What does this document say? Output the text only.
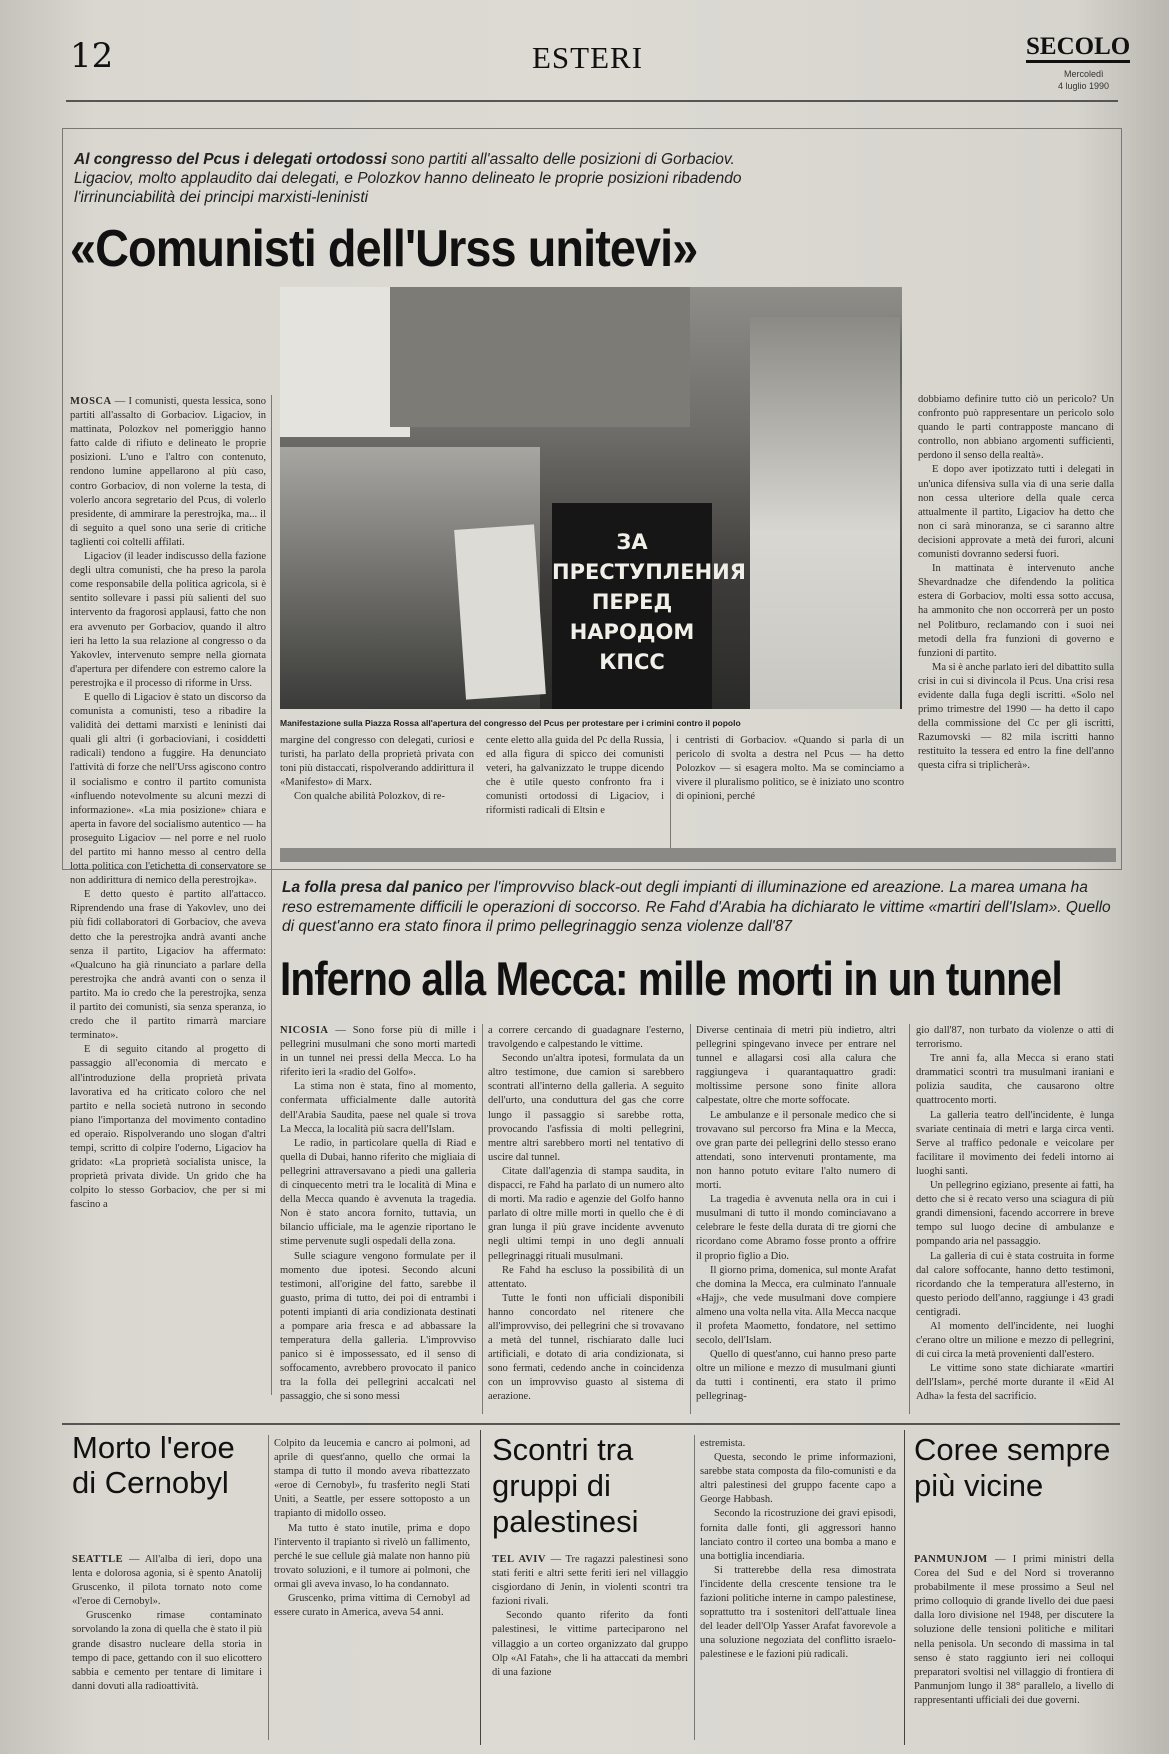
12	ESTERI	SECOLO
Mercoledì
4 luglio 1990
Al congresso del Pcus i delegati ortodossi sono partiti all'assalto delle posizioni di Gorbaciov. Ligaciov, molto applaudito dai delegati, e Polozkov hanno delineato le proprie posizioni ribadendo l'irrinunciabilità dei principi marxisti-leninisti
«Comunisti dell'Urss unitevi»
ЗА ПРЕСТУПЛЕНИЯ ПЕРЕД НАРОДОМ КПСС
Manifestazione sulla Piazza Rossa all'apertura del congresso del Pcus per protestare per i crimini contro il popolo

MOSCA — I comunisti, questa lessica, sono partiti all'assalto di Gorbaciov. Ligaciov, in mattinata, Polozkov nel pomeriggio hanno fatto calde di rifiuto e delineato le proprie posizioni. L'uno e l'altro con contenuto, rendono lumine appellarono al più caso, contro Gorbaciov, di non volerne la testa, di volerlo ancora segretario del Pcus, di volerlo presidente, di ammirare la perestrojka, ma... il di seguito a quel sono una serie di critiche taglienti coi coltelli affilati.

Ligaciov (il leader indiscusso della fazione degli ultra comunisti, che ha preso la parola come responsabile della politica agricola, si è sentito sollevare i passi più salienti del suo intervento da fragorosi applausi, fatto che non era avvenuto per Gorbaciov, quando il altro ieri ha letto la sua relazione al congresso o da Yakovlev, intervenuto sempre nella giornata d'apertura per difendere con estremo calore la perestrojka e il processo di riforme in Urss.

E quello di Ligaciov è stato un discorso da comunista a comunisti, teso a ribadire la validità dei dettami marxisti e leninisti dai quali gli altri (i gorbacioviani, i cosiddetti radicali) tendono a fuggire. Ha denunciato l'attività di forze che nell'Urss agiscono contro il socialismo e contro il partito comunista «influendo notevolmente su alcuni mezzi di informazione». «La mia posizione» chiara e aperta in favore del socialismo autentico — ha proseguito Ligaciov — nel porre e nel ruolo del partito mi hanno messo al centro della lotta politica con l'etichetta di conservatore se non addirittura di nemico della perestrojka».

E detto questo è partito all'attacco. Riprendendo una frase di Yakovlev, uno dei più fidi collaboratori di Gorbaciov, che aveva detto che la perestrojka andrà avanti anche senza il partito, Ligaciov ha affermato: «Qualcuno ha già rinunciato a parlare della perestrojka che andrà avanti con o senza il partito. Ma io credo che la perestrojka, senza il partito dei comunisti, sia senza speranza, io credo che il partito rimarrà marciare terminato».

E di seguito citando al progetto di passaggio all'economia di mercato e all'introduzione della proprietà privata lavorativa ed ha criticato coloro che nel partito e nella società nutrono in secondo piano l'importanza del movimento contadino ed operaio. Rispolverando uno slogan d'altri tempi, scritto di colpire l'oderno, Ligaciov ha gridato: «La proprietà socialista unisce, la proprietà privata divide. Un grido che ha colpito lo stesso Gorbaciov, che per si mi fascino a

margine del congresso con delegati, curiosi e turisti, ha parlato della proprietà privata con toni più distaccati, rispolverando addirittura il «Manifesto» di Marx.

Con qualche abilità Polozkov, di re-

cente eletto alla guida del Pc della Russia, ed alla figura di spicco dei comunisti veteri, ha galvanizzato le truppe dicendo che è utile questo confronto fra i comunisti ortodossi di Ligaciov, i riformisti radicali di Eltsin e

i centristi di Gorbaciov. «Quando si parla di un pericolo di svolta a destra nel Pcus — ha detto Polozkov — si esagera molto. Ma se cominciamo a vivere il pluralismo politico, se è iniziato uno scontro di opinioni, perché

dobbiamo definire tutto ciò un pericolo? Un confronto può rappresentare un pericolo solo quando le parti contrapposte mancano di controllo, non abbiano argomenti sufficienti, perdono il senso della realtà».

E dopo aver ipotizzato tutti i delegati in un'unica difensiva sulla via di una serie dalla non cessa ulteriore della quale cerca attualmente il partito, Ligaciov ha detto che non ci sarà minoranza, se ci saranno altre decisioni approvate a metà dei furori, alcuni comunisti dovranno sedersi fuori.

In mattinata è intervenuto anche Shevardnadze che difendendo la politica estera di Gorbaciov, molti essa sotto accusa, ha ammonito che non occorrerà per un posto nel Politburo, reclamando con i suoi nei metodi della fra funzioni di governo e funzioni di partito.

Ma si è anche parlato ieri del dibattito sulla crisi in cui si divincola il Pcus. Una crisi resa evidente dalla fuga degli iscritti. «Solo nel primo trimestre del 1990 — ha detto il capo della commissione del Cc per gli iscritti, Razumovski — 82 mila iscritti hanno restituito la tessera ed entro la fine dell'anno questa cifra si triplicherà».

La folla presa dal panico per l'improvviso black-out degli impianti di illuminazione ed areazione. La marea umana ha reso estremamente difficili le operazioni di soccorso. Re Fahd d'Arabia ha dichiarato le vittime «martiri dell'Islam». Quello di quest'anno era stato finora il primo pellegrinaggio senza violenze dall'87
Inferno alla Mecca: mille morti in un tunnel

NICOSIA — Sono forse più di mille i pellegrini musulmani che sono morti martedì in un tunnel nei pressi della Mecca. Lo ha riferito ieri la «radio del Golfo».

La stima non è stata, fino al momento, confermata ufficialmente dalle autorità dell'Arabia Saudita, paese nel quale si trova La Mecca, la località più sacra dell'Islam.

Le radio, in particolare quella di Riad e quella di Dubai, hanno riferito che migliaia di pellegrini attraversavano a piedi una galleria di cinquecento metri tra le località di Mina e della Mecca quando è avvenuta la tragedia. Non è stato ancora fornito, tuttavia, un bilancio ufficiale, ma le agenzie riportano le stime pervenute sugli ospedali della zona.

Sulle sciagure vengono formulate per il momento due ipotesi. Secondo alcuni testimoni, all'origine del fatto, sarebbe il guasto, prima di tutto, dei poi di entrambi i potenti impianti di aria condizionata destinati a pompare aria fresca e ad abbassare la temperatura della galleria. L'improvviso panico si è impossessato, ed il senso di soffocamento, avrebbero provocato il panico tra la folla dei pellegrini accalcati nel passaggio, che si sono messi

a correre cercando di guadagnare l'esterno, travolgendo e calpestando le vittime.

Secondo un'altra ipotesi, formulata da un altro testimone, due camion si sarebbero scontrati all'interno della galleria. A seguito dell'urto, una conduttura del gas che corre lungo il passaggio si sarebbe rotta, provocando l'asfissia di molti pellegrini, mentre altri sarebbero morti nel tentativo di uscire dal tunnel.

Citate dall'agenzia di stampa saudita, in dispacci, re Fahd ha parlato di un numero alto di morti. Ma radio e agenzie del Golfo hanno parlato di oltre mille morti in quello che è di gran lunga il più grave incidente avvenuto negli ultimi tempi in uno degli annuali pellegrinaggi rituali musulmani.

Re Fahd ha escluso la possibilità di un attentato.

Tutte le fonti non ufficiali disponibili hanno concordato nel ritenere che all'improvviso, dei pellegrini che si trovavano a metà del tunnel, rischiarato dalle luci artificiali, e dotato di aria condizionata, si sono fermati, cedendo anche in coincidenza con un improvviso guasto al sistema di aerazione.

Diverse centinaia di metri più indietro, altri pellegrini spingevano invece per entrare nel tunnel e allagarsi così alla calura che raggiungeva i quarantaquattro gradi: moltissime persone sono finite allora calpestate, oltre che morte soffocate.

Le ambulanze e il personale medico che si trovavano sul percorso fra Mina e la Mecca, ove gran parte dei pellegrini dello stesso erano attendati, sono intervenuti prontamente, ma non hanno potuto evitare l'alto numero di morti.

La tragedia è avvenuta nella ora in cui i musulmani di tutto il mondo cominciavano a celebrare le feste della durata di tre giorni che ricordano come Abramo fosse pronto a offrire il proprio figlio a Dio.

Il giorno prima, domenica, sul monte Arafat che domina la Mecca, era culminato l'annuale «Hajj», che vede musulmani dove compiere almeno una volta nella vita. Alla Mecca nacque il profeta Maometto, fondatore, nel settimo secolo, dell'Islam.

Quello di quest'anno, cui hanno preso parte oltre un milione e mezzo di musulmani giunti da tutti i continenti, era stato il primo pellegrinag-

gio dall'87, non turbato da violenze o atti di terrorismo.

Tre anni fa, alla Mecca si erano stati drammatici scontri tra musulmani iraniani e polizia saudita, che causarono oltre quattrocento morti.

La galleria teatro dell'incidente, è lunga svariate centinaia di metri e larga circa venti. Serve al traffico pedonale e veicolare per facilitare il movimento dei fedeli intorno ai luoghi santi.

Un pellegrino egiziano, presente ai fatti, ha detto che si è recato verso una sciagura di più grandi dimensioni, facendo accorrere in breve tempo sul luogo decine di ambulanze e pompando aria nel passaggio.

La galleria di cui è stata costruita in forme dal calore soffocante, hanno detto testimoni, ricordando che la temperatura all'esterno, in questo periodo dell'anno, raggiunge i 43 gradi centigradi.

Al momento dell'incidente, nei luoghi c'erano oltre un milione e mezzo di pellegrini, di cui circa la metà provenienti dall'estero.

Le vittime sono state dichiarate «martiri dell'Islam», perché morte durante il «Eid Al Adha» la festa del sacrificio.

Morto l'eroe di Cernobyl

SEATTLE — All'alba di ieri, dopo una lenta e dolorosa agonia, si è spento Anatolij Gruscenko, il pilota tornato noto come «l'eroe di Cernobyl».

Gruscenko rimase contaminato sorvolando la zona di quella che è stato il più grande disastro nucleare della storia in tempo di pace, gettando con il suo elicottero sabbia e cemento per tentare di limitare i danni dovuti alla radioattività.

Colpito da leucemia e cancro ai polmoni, ad aprile di quest'anno, quello che ormai la stampa di tutto il mondo aveva ribattezzato «eroe di Cernobyl», fu trasferito negli Stati Uniti, a Seattle, per essere sottoposto a un trapianto di midollo osseo.

Ma tutto è stato inutile, prima e dopo l'intervento il trapianto si rivelò un fallimento, perché le sue cellule già malate non hanno più trovato soluzioni, e il tumore ai polmoni, che ormai gli aveva invaso, lo ha condannato.

Gruscenko, prima vittima di Cernobyl ad essere curato in America, aveva 54 anni.

Scontri tra gruppi di palestinesi

TEL AVIV — Tre ragazzi palestinesi sono stati feriti e altri sette feriti ieri nel villaggio cisgiordano di Jenin, in violenti scontri tra fazioni rivali.

Secondo quanto riferito da fonti palestinesi, le vittime parteciparono nel villaggio a un corteo organizzato dal gruppo Olp «Al Fatah», che li ha attaccati da membri di una fazione

estremista.

Questa, secondo le prime informazioni, sarebbe stata composta da filo-comunisti e da altri palestinesi del gruppo facente capo a George Habbash.

Secondo la ricostruzione dei gravi episodi, fornita dalle fonti, gli aggressori hanno lanciato contro il corteo una bomba a mano e una bottiglia incendiaria.

Si tratterebbe della resa dimostrata l'incidente della crescente tensione tra le fazioni politiche interne in campo palestinese, soprattutto tra i sostenitori dell'attuale linea del leader dell'Olp Yasser Arafat favorevole a una soluzione negoziata del conflitto israelo-palestinese e le fazioni più radicali.

Coree sempre più vicine

PANMUNJOM — I primi ministri della Corea del Sud e del Nord si troveranno probabilmente il mese prossimo a Seul nel primo colloquio di grande livello dei due paesi dalla loro divisione nel 1948, per discutere la soluzione delle tensioni politiche e militari nella penisola. Un secondo di massima in tal senso è stato raggiunto ieri nei colloqui preparatori svoltisi nel villaggio di frontiera di Panmunjom lungo il 38° parallelo, a livello di rappresentanti ufficiali dei due governi.
